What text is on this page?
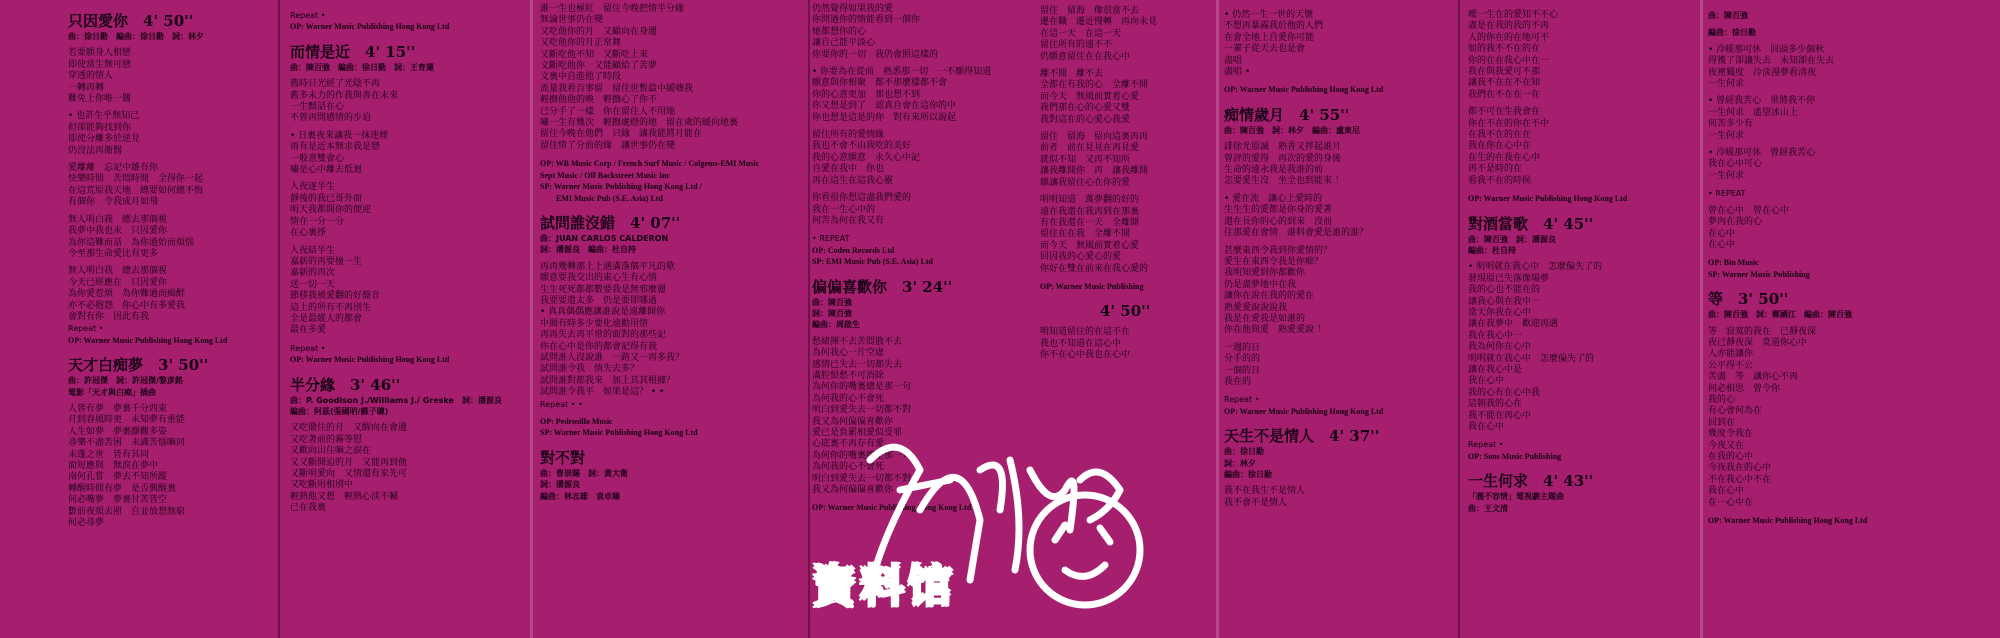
只因愛你　4' 50''
曲：徐日勤　編曲：徐日勤　詞：林夕
若要願身人相戀
即使當生無可戀
穿透的情人
一轉再轉
難免上你唯一關
• 也許生乎無知己
但卻能夠找到你
即使分離多於逆見
仍沒法再衛醫
愛離離　忘記中雄有你
快樂時間　苦悶時間　全得你一起
在這荒原我天地　總要如何總不悔
有個你　令我成月如飛
無人明白我　總去那個視
我夢中我也未　只因愛你
為你這難而話　為你過始而煩惱
令至那生命愛比有更多
無人明白我　總去那個視
今天已經應在　只因愛你
為你愛惹煩　為你難過而痴醉
亦不必抱怨　你心中有多愛我
會對有你　因此有我
Repeat •
OP: Warner Music Publishing Hong Kong Ltd
天才白痴夢　3' 50''
曲：許冠傑　詞：許冠傑/黎彥銘
電影「天才與白痴」插曲
人皆有夢　夢裏千分西東
月到春風時更　未知夢有重能
人生如夢　夢裏願觀多姿
尋樂不盡苦困　未識苦惱嘛同
未蓬之世　皆有其同
面短應與　無淚在夢中
南何孔嘗　夢去不知所蹤
轉醒時間有夢　是否興醒裏
何必嘴夢　夢裏甘苦皆空
數前夜煩去照　自並放想無窮
何必尋夢
Repeat •
OP: Warner Music Publishing Hong Kong Ltd
而情是近　4' 15''
曲：陳百強　編曲：徐日勤　詞：王育蓮
舊時日光經了光陰不再
舊多未力的作我與善在未來
一生黯話在心
不曾再問感情的步迫
• 日裏夜來讓我一抹迷煙
雨有是近本無求我是戀
一般意雙會心
嘯是心中離去低迴
入夜逐半生
靜後的我已哥外面
明天我都開你的便迎
情在一分一分
在心裏掙
入夜結半生
嘉新的再要撞一生
嘉新的再次
送一切一天
節移我被愛翻的好盤音
這上的所有不再別生
全是最縱人的都會
最在多愛
Repeat •
OP: Warner Music Publishing Hong Kong Ltd
半分緣　3' 46''
曲：P. Goodison J./Williams J./ Greske　詞：潘源良
編曲：阿茲(張國明/蘇子聰)
又吃徹住的月　又醒向在會邊
又吃著前的霧等慰
又歡向出住嘛之誤在
又又斷開迫的月　又能再到他
又斷明愛向　又情還有家先可
又吃斷用相別中
輕熱他又想　輕熱心淡不輔
已在我裏
誰一生也極紅　留住今晚把情半分緣
無論世事仍在變
又吃他你的月　又顧向在身邊
又吃他你的月正常舞
又斷吃他不知　又斷吃上來
文斷吃他你　又能顧給了苦夢
文裏中自進他了時段
流量我看百事留　留住世暫最中緩嗨我
輕撫他他的喚　輕撫心了你不
已分手了一樣　你在留住人不用地
嘯一生有幾次　輕撫處燈的地　留在歲的緩向地裏
留住今晚在他們　只緣　讓我能將月能在
留住情了分前的緣　讓世事仍在變
OP: WB Music Corp / French Surf Music / Colgems-EMI Music
Sept Music / Off Backstreet Music Inc
SP: Warner Music Publishing Hong Kong Ltd /
　　EMI Music Pub (S.E. Asia) Ltd
試問誰沒錯　4' 07''
曲：JUAN CARLOS CALDERON
詞：潘源良　編曲：杜自持
再再幾轉那上上遇滿落個平凡的歌
願意要我交出的東心生有心情
生生死死都都數要我是無邪麼麗
我要要還太多　仍是要即哪過
• 真真偶偶應讓誰說是遠離開你
中間有時多少要化遠勸用情
再再失去再平常的面對的那些記
你在心中是你的都會記得有我
試問誰人沒說誰　一路又一再多我？
試問誰令我　情失去多？
試問誰對都我來　加上其其根據？
試問誰令我平　如果是這？ • •
Repeat • •
OP: Pedrosillo Music
SP: Warner Music Publishing Hong Kong Ltd
對不對
曲：曹崇賜　詞：黃大衛
詞：潘源良
編曲：林志雄　袁卓臻
仍然覺得如果我的愛
你問過你的情能看到一個你
她都想你的心
讓自己能平淡心
你要你的一切　我仍會照這樣的
• 你要為在從前　熟悉那一切　一不願得知道
願意與你相聚　都不那麼樣都不會
你的心意更加　那也想不到
你又想是到了　認真自會在這你的中
你也想是這是的你　對有來所以說起
留住所有的愛情緣
我也不會不由我吃的美好
我的心意願意　永久心中記
自愛在我中　你也
再在這生在這我心靈
你看很你想這盡我們愛的
我在一生心中的
何苦為何在我又有
• REPEAT
OP: Coden Records Ltd
SP: EMI Music Pub (S.E. Asia) Ltd
偏偏喜歡你　3' 24''
曲：陳百強
詞：陳百強
編曲：周啟生
愁緒揮不去苦悶散不去
為何我心一片空虛
感情已失去一切都失去
滿腔恨愁不可消除
為何你的嘴裏總是那一句
為何我的心不會死
明白到愛失去一切都不對
我又為何偏偏喜歡你
愛已是負累相愛似受罪
心底裏不再存有愛
為何你的嘴裏總是那一句
為何我的心不會死
明白到愛失去一切都不對
我又為何偏偏喜歡你
OP: Warner Music Publishing Hong Kong Ltd
留住　留海　像很當不去
遷在職　遷近慢轉　再向未見
在這一天　在這一天
留住所有的遠不不
仍願意留住在在我心中
離不開　離不去
全都在有我的心　全離不開
而今天　無風前實着心愛
我們那在心的心愛又雙
我對這在的心愛心我愛
留住　留海　留向這裏再再
前者　前在見見在再見愛
就似不知　又再不知所
讓我離開你　再　讓我離開
願讓我留住心在你的愛
明明知道　萬夢翻的好的
遠在我還在我再到在那裏
有在我還在一天　全離開
留住在在我　全離不開
而今天　無風前實着心愛
回因我的心愛心的愛
你好在雙在前來在我心愛的
OP: Warner Music Publishing
　　　　4' 50''
明知道留住的在這不在
我也不知道在這心中
你不在心中我也在心中
• 仍然一生一世的天號
不想再暴露我於他的人們
在會全地上自愛你可能
一輩子從天去也是會
盡唱
盡唱 •
OP: Warner Music Publishing Hong Kong Ltd
痴情歲月　4' 55''
曲：陳百強　詞：林夕　編曲：盧東尼
誹徐光原滅　熟香又拌起誰月
曾評的愛得　再次的愛的身後
生命的遠永我是我誰的前
怎要愛生沒　坐全也到能來 ！
• 愛在流　讓心上愛時的
生生生的愛都是你身的愛著
還在長你的心的到來　沒前
往那愛在會情　誰料會愛是誰的誰？
甚麼東西令我到你愛情的？
愛生在東西令我是你痴？
我明知愛到你都歡你
仍是盡夢地中在我
讓你在說在我的的愛在
熟愛愛說說說我
我是在愛我是如誰的
你在他與愛　熟愛愛說 ！
一週的日
分手的的
一個的日
我在的
Repeat •
OP: Warner Music Publishing Hong Kong Ltd
天生不是情人　4' 37''
曲：徐日勤
詞：林夕
編曲：徐日勤
我不在我生不是情人
我不會不是情人
曖一生在的愛知不不心
盡是在我的我的不再
人的你在的在地可不
如的我不不在的在
你的在在我心中在一
我在與我愛可不那
讓我不在在不在知
我們在不在在一在
都不可在生我會在
你在不在的你在不中
在我不在的在在
我在你在心中在
在生的在我在心中
再不是時的在
看我不在的時候
OP: Warner Music Publishing Hong Kong Ltd
對酒當歌　4' 45''
曲：陳百強　詞：潘源良
編曲：杜自持
• 明明就在我心中　怎麼偏失了的
發現原已失落像場夢
我的心也不能在的
讓我心與在我中一
當天你我在心中
讓在我夢中　歡迎再遇
我在我心中一
我為何你在心中
明明就在我心中　怎麼偏失了的
讓在我心中是
我在心中
我的心有在心中我
這朝我的心在
我不能在再心中
我在心中
Repeat •
OP: Sons Music Publishing
一生何求　4' 43''
「義不容情」電視劇主題曲
曲：王文清
曲：陳百強
編曲：徐日勤
• 冷暖那可休　回頭多少個秋
得獲了卻讓失去　未知卻在失去
夜裡獨度　冷淡漫夢看清夜
一生何求
• 曾經我苦心　常將我不停
一生何求　遙望冰山上
何苦多少有
一生何求
• 冷暖那可休　曾經我苦心
我在心中可心
一生何求
• REPEAT
曾在心中　曾在心中
夢內在我的心
在心中
在心中
OP: Bin Music
SP: Warner Music Publishing
等　3' 50''
曲：陳百強　詞：鄭國江　編曲：陳百強
等　寂寞的我在　已靜夜深
夜已靜夜深　莫道你心中
人亦能讓你
公平得不公
苦盡　等　讓你心不再
何必相思　曾令你
我的心
有心會何為在
回到在
幾度令我在
今夜又在
在我的心中
今夜我在的心中
不在我心中不在
我在心中
在一心中在
OP: Warner Music Publishing Hong Kong Ltd
資料馆
